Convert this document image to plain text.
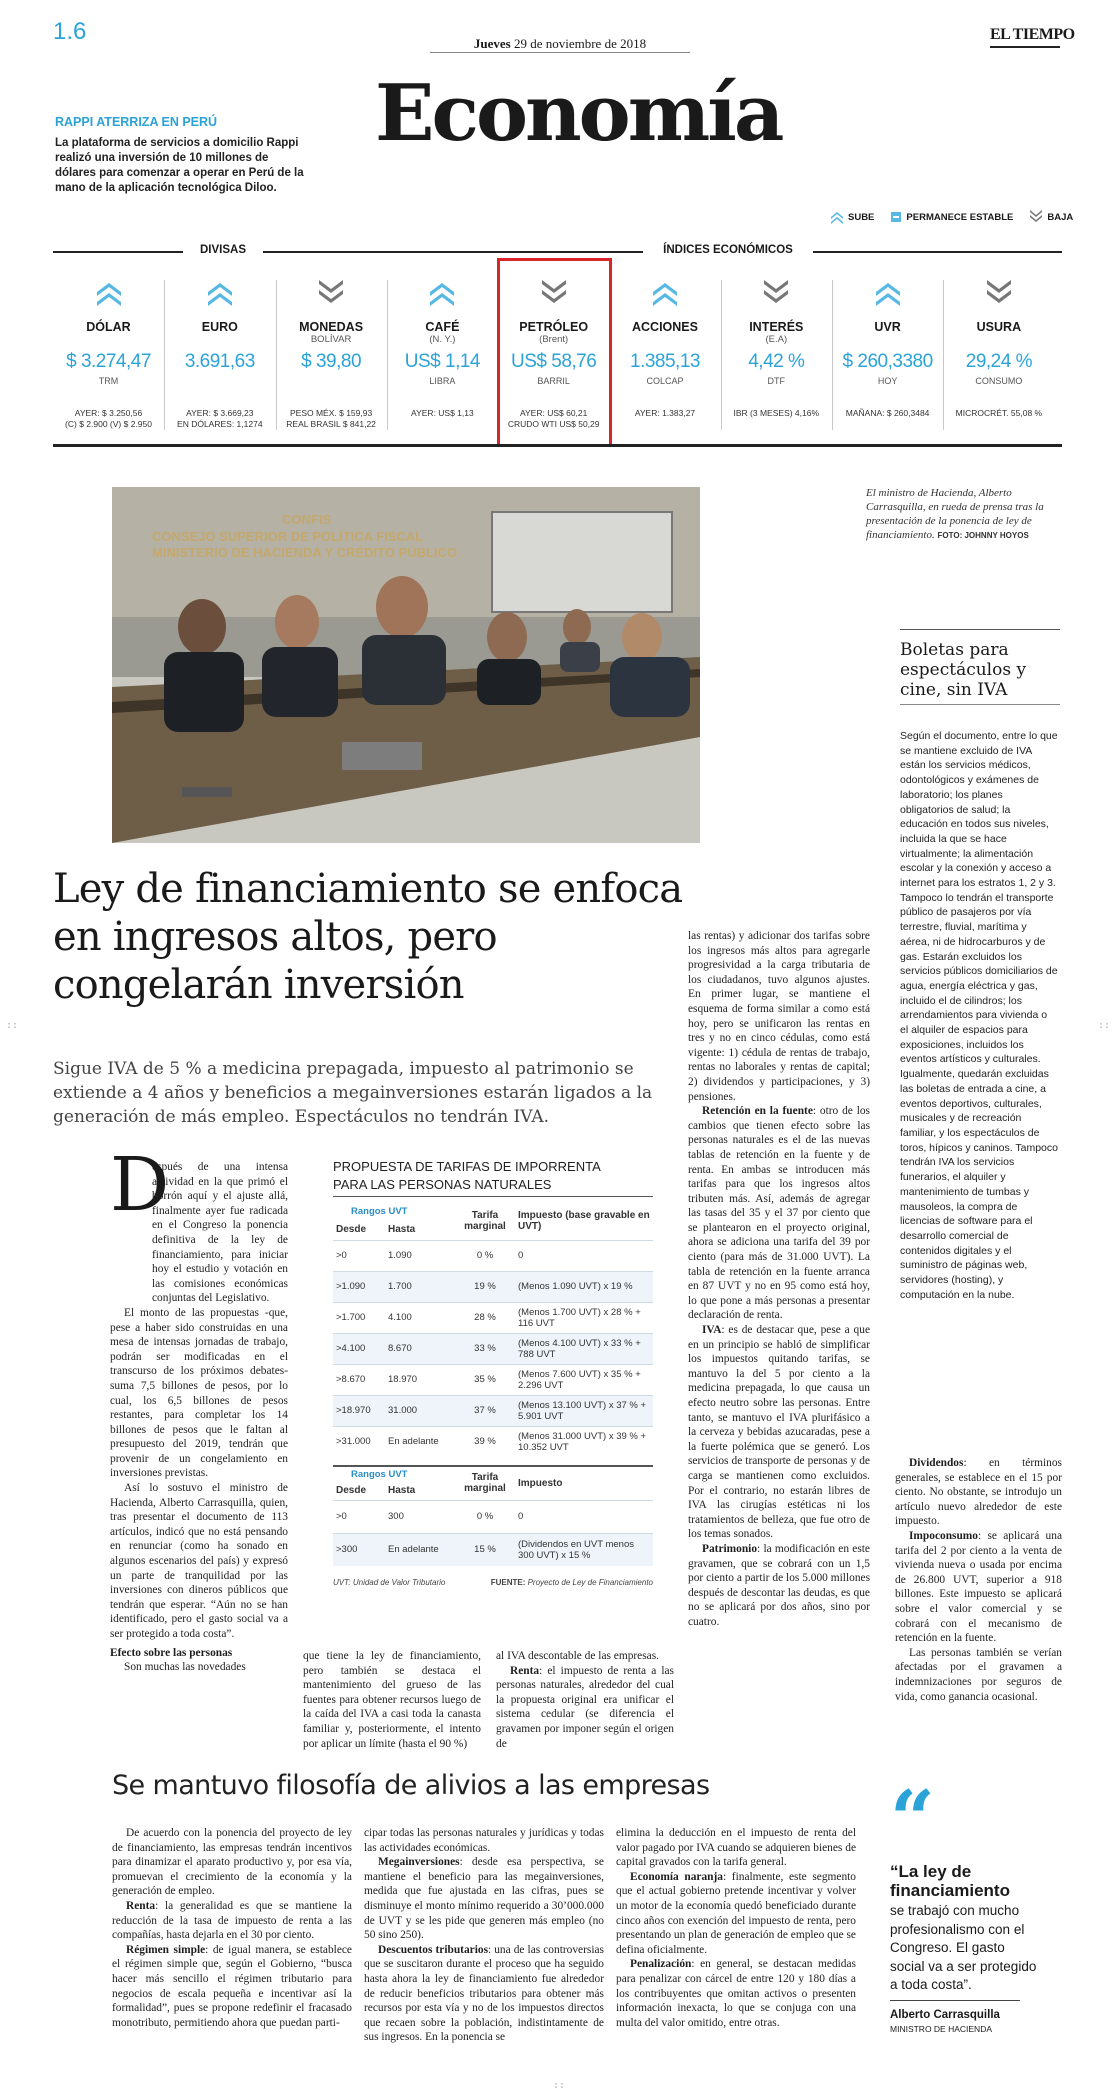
1.6	Jueves 29 de noviembre de 2018
EL TIEMPO
Economía
RAPPI ATERRIZA EN PERÚ
La plataforma de servicios a domicilio Rappi realizó una inversión de 10 millones de dólares para comenzar a operar en Perú de la mano de la aplicación tecnológica Diloo.
SUBE	PERMANECE ESTABLE	BAJA
DIVISAS	ÍNDICES ECONÓMICOS
DÓLAR
$ 3.274,47
TRM
AYER: $ 3.250,56
(C) $ 2.900 (V) $ 2.950
EURO
3.691,63
AYER: $ 3.669,23
EN DÓLARES: 1,1274
MONEDAS
BOLÍVAR
$ 39,80
PESO MÉX. $ 159,93
REAL BRASIL $ 841,22
CAFÉ
(N. Y.)
US$ 1,14
LIBRA
AYER: US$ 1,13
PETRÓLEO
(Brent)
US$ 58,76
BARRIL
AYER: US$ 60,21
CRUDO WTI US$ 50,29
ACCIONES
1.385,13
COLCAP
AYER: 1.383,27
INTERÉS
(E.A)
4,42 %
DTF
IBR (3 MESES) 4,16%
UVR
$ 260,3380
HOY
MAÑANA: $ 260,3484
USURA
29,24 %
CONSUMO
MICROCRÉT. 55,08 %
CONFIS
CONSEJO SUPERIOR DE POLÍTICA FISCAL
MINISTERIO DE HACIENDA Y CRÉDITO PÚBLICO
El ministro de Hacienda, Alberto Carrasquilla, en rueda de prensa tras la presentación de la ponencia de ley de financiamiento. FOTO: JOHNNY HOYOS
Boletas para espectáculos y cine, sin IVA
Según el documento, entre lo que se mantiene excluido de IVA están los servicios médicos, odontológicos y exámenes de laboratorio; los planes obligatorios de salud; la educación en todos sus niveles, incluida la que se hace virtualmente; la alimentación escolar y la conexión y acceso a internet para los estratos 1, 2 y 3. Tampoco lo tendrán el transporte público de pasajeros por vía terrestre, fluvial, marítima y aérea, ni de hidrocarburos y de gas. Estarán excluidos los servicios públicos domiciliarios de agua, energía eléctrica y gas, incluido el de cilindros; los arrendamientos para vivienda o el alquiler de espacios para exposiciones, incluidos los eventos artísticos y culturales. Igualmente, quedarán excluidas las boletas de entrada a cine, a eventos deportivos, culturales, musicales y de recreación familiar, y los espectáculos de toros, hípicos y caninos. Tampoco tendrán IVA los servicios funerarios, el alquiler y mantenimiento de tumbas y mausoleos, la compra de licencias de software para el desarrollo comercial de contenidos digitales y el suministro de páginas web, servidores (hosting), y computación en la nube.
Ley de financiamiento se enfoca en ingresos altos, pero congelarán inversión
Sigue IVA de 5 % a medicina prepagada, impuesto al patrimonio se extiende a 4 años y beneficios a megainversiones estarán ligados a la generación de más empleo. Espectáculos no tendrán IVA.
D

espués de una intensa actividad en la que primó el borrón aquí y el ajuste allá, finalmente ayer fue radicada en el Congreso la ponencia definitiva de la ley de financiamiento, para iniciar hoy el estudio y votación en las comisiones económicas conjuntas del Legislativo.

El monto de las propuestas -que, pese a haber sido construidas en una mesa de intensas jornadas de trabajo, podrán ser modificadas en el transcurso de los próximos debates- suma 7,5 billones de pesos, por lo cual, los 6,5 billones de pesos restantes, para completar los 14 billones de pesos que le faltan al presupuesto del 2019, tendrán que provenir de un congelamiento en inversiones previstas.

Así lo sostuvo el ministro de Hacienda, Alberto Carrasquilla, quien, tras presentar el documento de 113 artículos, indicó que no está pensando en renunciar (como ha sonado en algunos escenarios del país) y expresó un parte de tranquilidad por las inversiones con dineros públicos que tendrán que esperar. “Aún no se han identificado, pero el gasto social va a ser protegido a toda costa”.

Efecto sobre las personas

Son muchas las novedades

que tiene la ley de financiamiento, pero también se destaca el mantenimiento del grueso de las fuentes para obtener recursos luego de la caída del IVA a casi toda la canasta familiar y, posteriormente, el intento por aplicar un límite (hasta el 90 %)

al IVA descontable de las empresas.

Renta: el impuesto de renta a las personas naturales, alrededor del cual la propuesta original era unificar el sistema cedular (se diferencia el gravamen por imponer según el origen de

las rentas) y adicionar dos tarifas sobre los ingresos más altos para agregarle progresividad a la carga tributaria de los ciudadanos, tuvo algunos ajustes. En primer lugar, se mantiene el esquema de forma similar a como está hoy, pero se unificaron las rentas en tres y no en cinco cédulas, como está vigente: 1) cédula de rentas de trabajo, rentas no laborales y rentas de capital; 2) dividendos y participaciones, y 3) pensiones.

Retención en la fuente: otro de los cambios que tienen efecto sobre las personas naturales es el de las nuevas tablas de retención en la fuente y de renta. En ambas se introducen más tarifas para que los ingresos altos tributen más. Así, además de agregar las tasas del 35 y el 37 por ciento que se plantearon en el proyecto original, ahora se adiciona una tarifa del 39 por ciento (para más de 31.000 UVT). La tabla de retención en la fuente arranca en 87 UVT y no en 95 como está hoy, lo que pone a más personas a presentar declaración de renta.

IVA: es de destacar que, pese a que en un principio se habló de simplificar los impuestos quitando tarifas, se mantuvo la del 5 por ciento a la medicina prepagada, lo que causa un efecto neutro sobre las personas. Entre tanto, se mantuvo el IVA plurifásico a la cerveza y bebidas azucaradas, pese a la fuerte polémica que se generó. Los servicios de transporte de personas y de carga se mantienen como excluidos. Por el contrario, no estarán libres de IVA las cirugías estéticas ni los tratamientos de belleza, que fue otro de los temas sonados.

Patrimonio: la modificación en este gravamen, que se cobrará con un 1,5 por ciento a partir de los 5.000 millones después de descontar las deudas, es que no se aplicará por dos años, sino por cuatro.

Dividendos: en términos generales, se establece en el 15 por ciento. No obstante, se introdujo un artículo nuevo alrededor de este impuesto.

Impoconsumo: se aplicará una tarifa del 2 por ciento a la venta de vivienda nueva o usada por encima de 26.800 UVT, superior a 918 billones. Este impuesto se aplicará sobre el valor comercial y se cobrará con el mecanismo de retención en la fuente.

Las personas también se verían afectadas por el gravamen a indemnizaciones por seguros de vida, como ganancia ocasional.

PROPUESTA DE TARIFAS DE IMPORRENTA
PARA LAS PERSONAS NATURALES
Rangos UVT		Tarifa marginal	Impuesto (base gravable en UVT)
Desde	Hasta		
>0	1.090	0 %	0
>1.090	1.700	19 %	(Menos 1.090 UVT) x 19 %
>1.700	4.100	28 %	(Menos 1.700 UVT) x 28 % + 116 UVT
>4.100	8.670	33 %	(Menos 4.100 UVT) x 33 % + 788 UVT
>8.670	18.970	35 %	(Menos 7.600 UVT) x 35 % + 2.296 UVT
>18.970	31.000	37 %	(Menos 13.100 UVT) x 37 % + 5.901 UVT
>31.000	En adelante	39 %	(Menos 31.000 UVT) x 39 % + 10.352 UVT
Rangos UVT		Tarifa marginal	Impuesto
Desde	Hasta		
>0	300	0 %	0
>300	En adelante	15 %	(Dividendos en UVT menos 300 UVT) x 15 %
UVT: Unidad de Valor Tributario	FUENTE: Proyecto de Ley de Financiamiento
Se mantuvo filosofía de alivios a las empresas

De acuerdo con la ponencia del proyecto de ley de financiamiento, las empresas tendrán incentivos para dinamizar el aparato productivo y, por esa vía, promuevan el crecimiento de la economía y la generación de empleo.

Renta: la generalidad es que se mantiene la reducción de la tasa de impuesto de renta a las compañías, hasta dejarla en el 30 por ciento.

Régimen simple: de igual manera, se establece el régimen simple que, según el Gobierno, “busca hacer más sencillo el régimen tributario para negocios de escala pequeña e incentivar así la formalidad”, pues se propone redefinir el fracasado monotributo, permitiendo ahora que puedan parti-

cipar todas las personas naturales y jurídicas y todas las actividades económicas.

Megainversiones: desde esa perspectiva, se mantiene el beneficio para las megainversiones, medida que fue ajustada en las cifras, pues se disminuye el monto mínimo requerido a 30’000.000 de UVT y se les pide que generen más empleo (no 50 sino 250).

Descuentos tributarios: una de las controversias que se suscitaron durante el proceso que ha seguido hasta ahora la ley de financiamiento fue alrededor de reducir beneficios tributarios para obtener más recursos por esta vía y no de los impuestos directos que recaen sobre la población, indistintamente de sus ingresos. En la ponencia se

elimina la deducción en el impuesto de renta del valor pagado por IVA cuando se adquieren bienes de capital gravados con la tarifa general.

Economía naranja: finalmente, este segmento que el actual gobierno pretende incentivar y volver un motor de la economía quedó beneficiado durante cinco años con exención del impuesto de renta, pero presentando un plan de generación de empleo que se defina oficialmente.

Penalización: en general, se destacan medidas para penalizar con cárcel de entre 120 y 180 días a los contribuyentes que omitan activos o presenten información inexacta, lo que se conjuga con una multa del valor omitido, entre otras.

“
“La ley de financiamiento
se trabajó con mucho profesionalismo con el Congreso. El gasto social va a ser protegido a toda costa”.
Alberto Carrasquilla
MINISTRO DE HACIENDA
::	::
::
